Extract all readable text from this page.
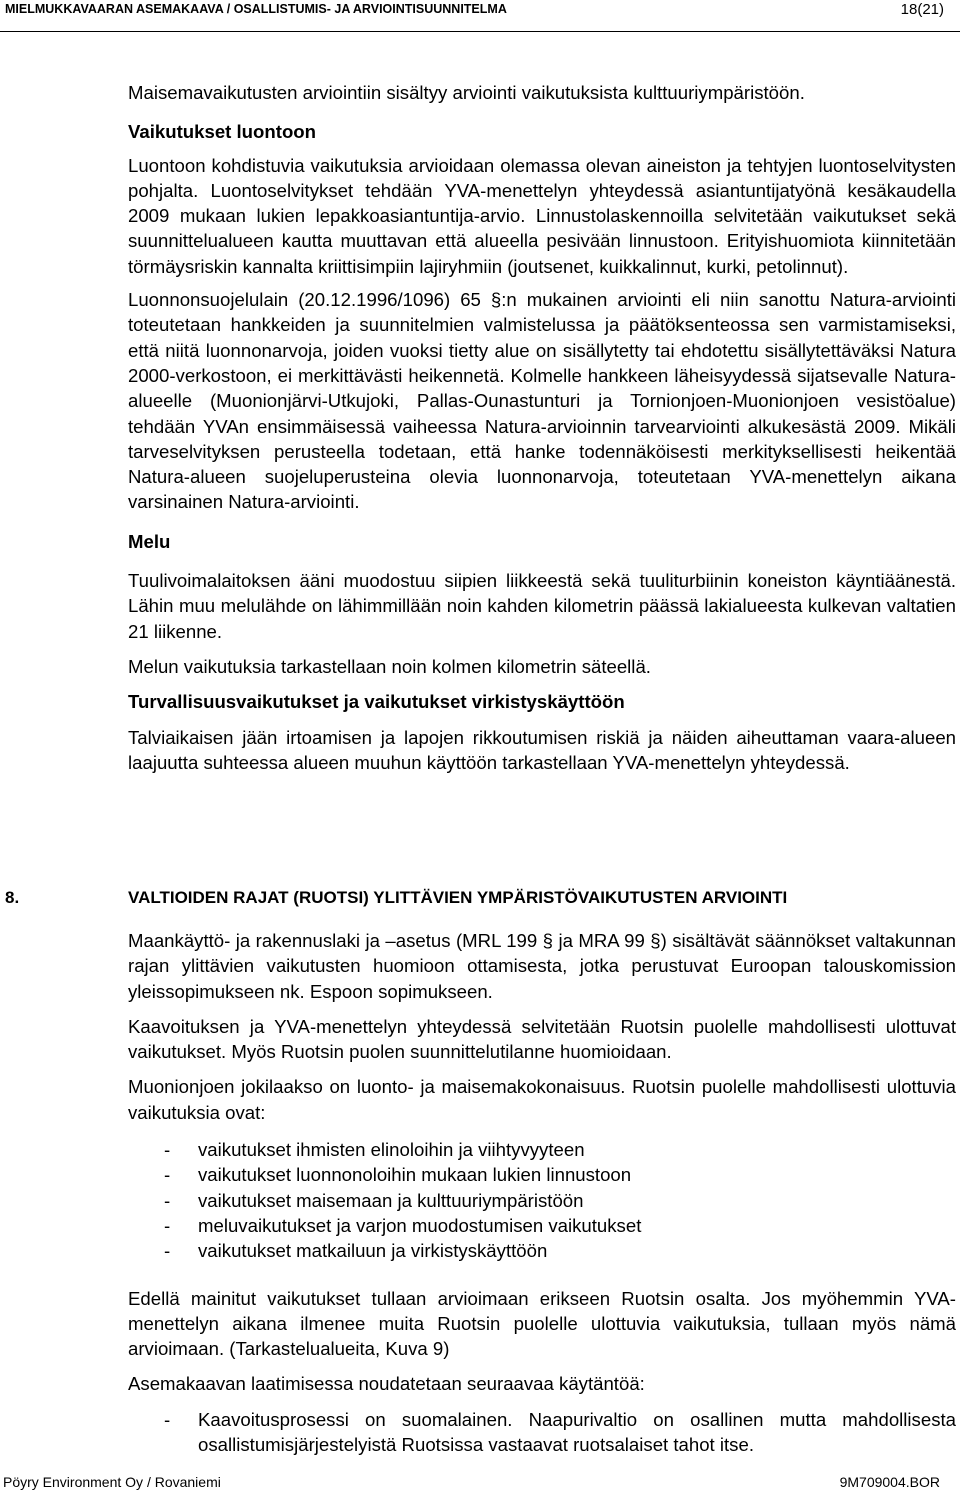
MIELMUKKAVAARAN ASEMAKAAVA / OSALLISTUMIS- JA ARVIOINTISUUNNITELMA	18(21)

Maisemavaikutusten arviointiin sisältyy arviointi vaikutuksista kulttuuriympäristöön.

Vaikutukset luontoon

Luontoon kohdistuvia vaikutuksia arvioidaan olemassa olevan aineiston ja tehtyjen luontoselvitysten pohjalta. Luontoselvitykset tehdään YVA-menettelyn yhteydessä asiantuntijatyönä kesäkaudella 2009 mukaan lukien lepakkoasiantuntija-arvio. Linnustolaskennoilla selvitetään vaikutukset sekä suunnittelualueen kautta muuttavan että alueella pesivään linnustoon. Erityishuomiota kiinnitetään törmäysriskin kannalta kriittisimpiin lajiryhmiin (joutsenet, kuikkalinnut, kurki, petolinnut).

Luonnonsuojelulain (20.12.1996/1096) 65 §:n mukainen arviointi eli niin sanottu Natura-arviointi toteutetaan hankkeiden ja suunnitelmien valmistelussa ja päätöksenteossa sen varmistamiseksi, että niitä luonnonarvoja, joiden vuoksi tietty alue on sisällytetty tai ehdotettu sisällytettäväksi Natura 2000-verkostoon, ei merkittävästi heikennetä. Kolmelle hankkeen läheisyydessä sijatsevalle Natura-alueelle (Muonionjärvi-Utkujoki, Pallas-Ounastunturi ja Tornionjoen-Muonionjoen vesistöalue) tehdään YVAn ensimmäisessä vaiheessa Natura-arvioinnin tarvearviointi alkukesästä 2009. Mikäli tarveselvityksen perusteella todetaan, että hanke todennäköisesti merkityksellisesti heikentää Natura-alueen suojeluperusteina olevia luonnonarvoja, toteutetaan YVA-menettelyn aikana varsinainen Natura-arviointi.

Melu

Tuulivoimalaitoksen ääni muodostuu siipien liikkeestä sekä tuuliturbiinin koneiston käyntiäänestä. Lähin muu melulähde on lähimmillään noin kahden kilometrin päässä lakialueesta kulkevan valtatien 21 liikenne.

Melun vaikutuksia tarkastellaan noin kolmen kilometrin säteellä.

Turvallisuusvaikutukset ja vaikutukset virkistyskäyttöön

Talviaikaisen jään irtoamisen ja lapojen rikkoutumisen riskiä ja näiden aiheuttaman vaara-alueen laajuutta suhteessa alueen muuhun käyttöön tarkastellaan YVA-menettelyn yhteydessä.

8.	VALTIOIDEN RAJAT (RUOTSI) YLITTÄVIEN YMPÄRISTÖVAIKUTUSTEN ARVIOINTI

Maankäyttö- ja rakennuslaki ja –asetus (MRL 199 § ja MRA 99 §) sisältävät säännökset valtakunnan rajan ylittävien vaikutusten huomioon ottamisesta, jotka perustuvat Euroopan talouskomission yleissopimukseen nk. Espoon sopimukseen.

Kaavoituksen ja YVA-menettelyn yhteydessä selvitetään Ruotsin puolelle mahdollisesti ulottuvat vaikutukset. Myös Ruotsin puolen suunnittelutilanne huomioidaan.

Muonionjoen jokilaakso on luonto- ja maisemakokonaisuus. Ruotsin puolelle mahdollisesti ulottuvia vaikutuksia ovat:

- vaikutukset ihmisten elinoloihin ja viihtyvyyteen
- vaikutukset luonnonoloihin mukaan lukien linnustoon
- vaikutukset maisemaan ja kulttuuriympäristöön
- meluvaikutukset ja varjon muodostumisen vaikutukset
- vaikutukset matkailuun ja virkistyskäyttöön

Edellä mainitut vaikutukset tullaan arvioimaan erikseen Ruotsin osalta. Jos myöhemmin YVA-menettelyn aikana ilmenee muita Ruotsin puolelle ulottuvia vaikutuksia, tullaan myös nämä arvioimaan. (Tarkastelualueita, Kuva 9)

Asemakaavan laatimisessa noudatetaan seuraavaa käytäntöä:

- Kaavoitusprosessi on suomalainen. Naapurivaltio on osallinen mutta mahdollisesta osallistumisjärjestelyistä Ruotsissa vastaavat ruotsalaiset tahot itse.
Pöyry Environment Oy / Rovaniemi	9M709004.BOR
